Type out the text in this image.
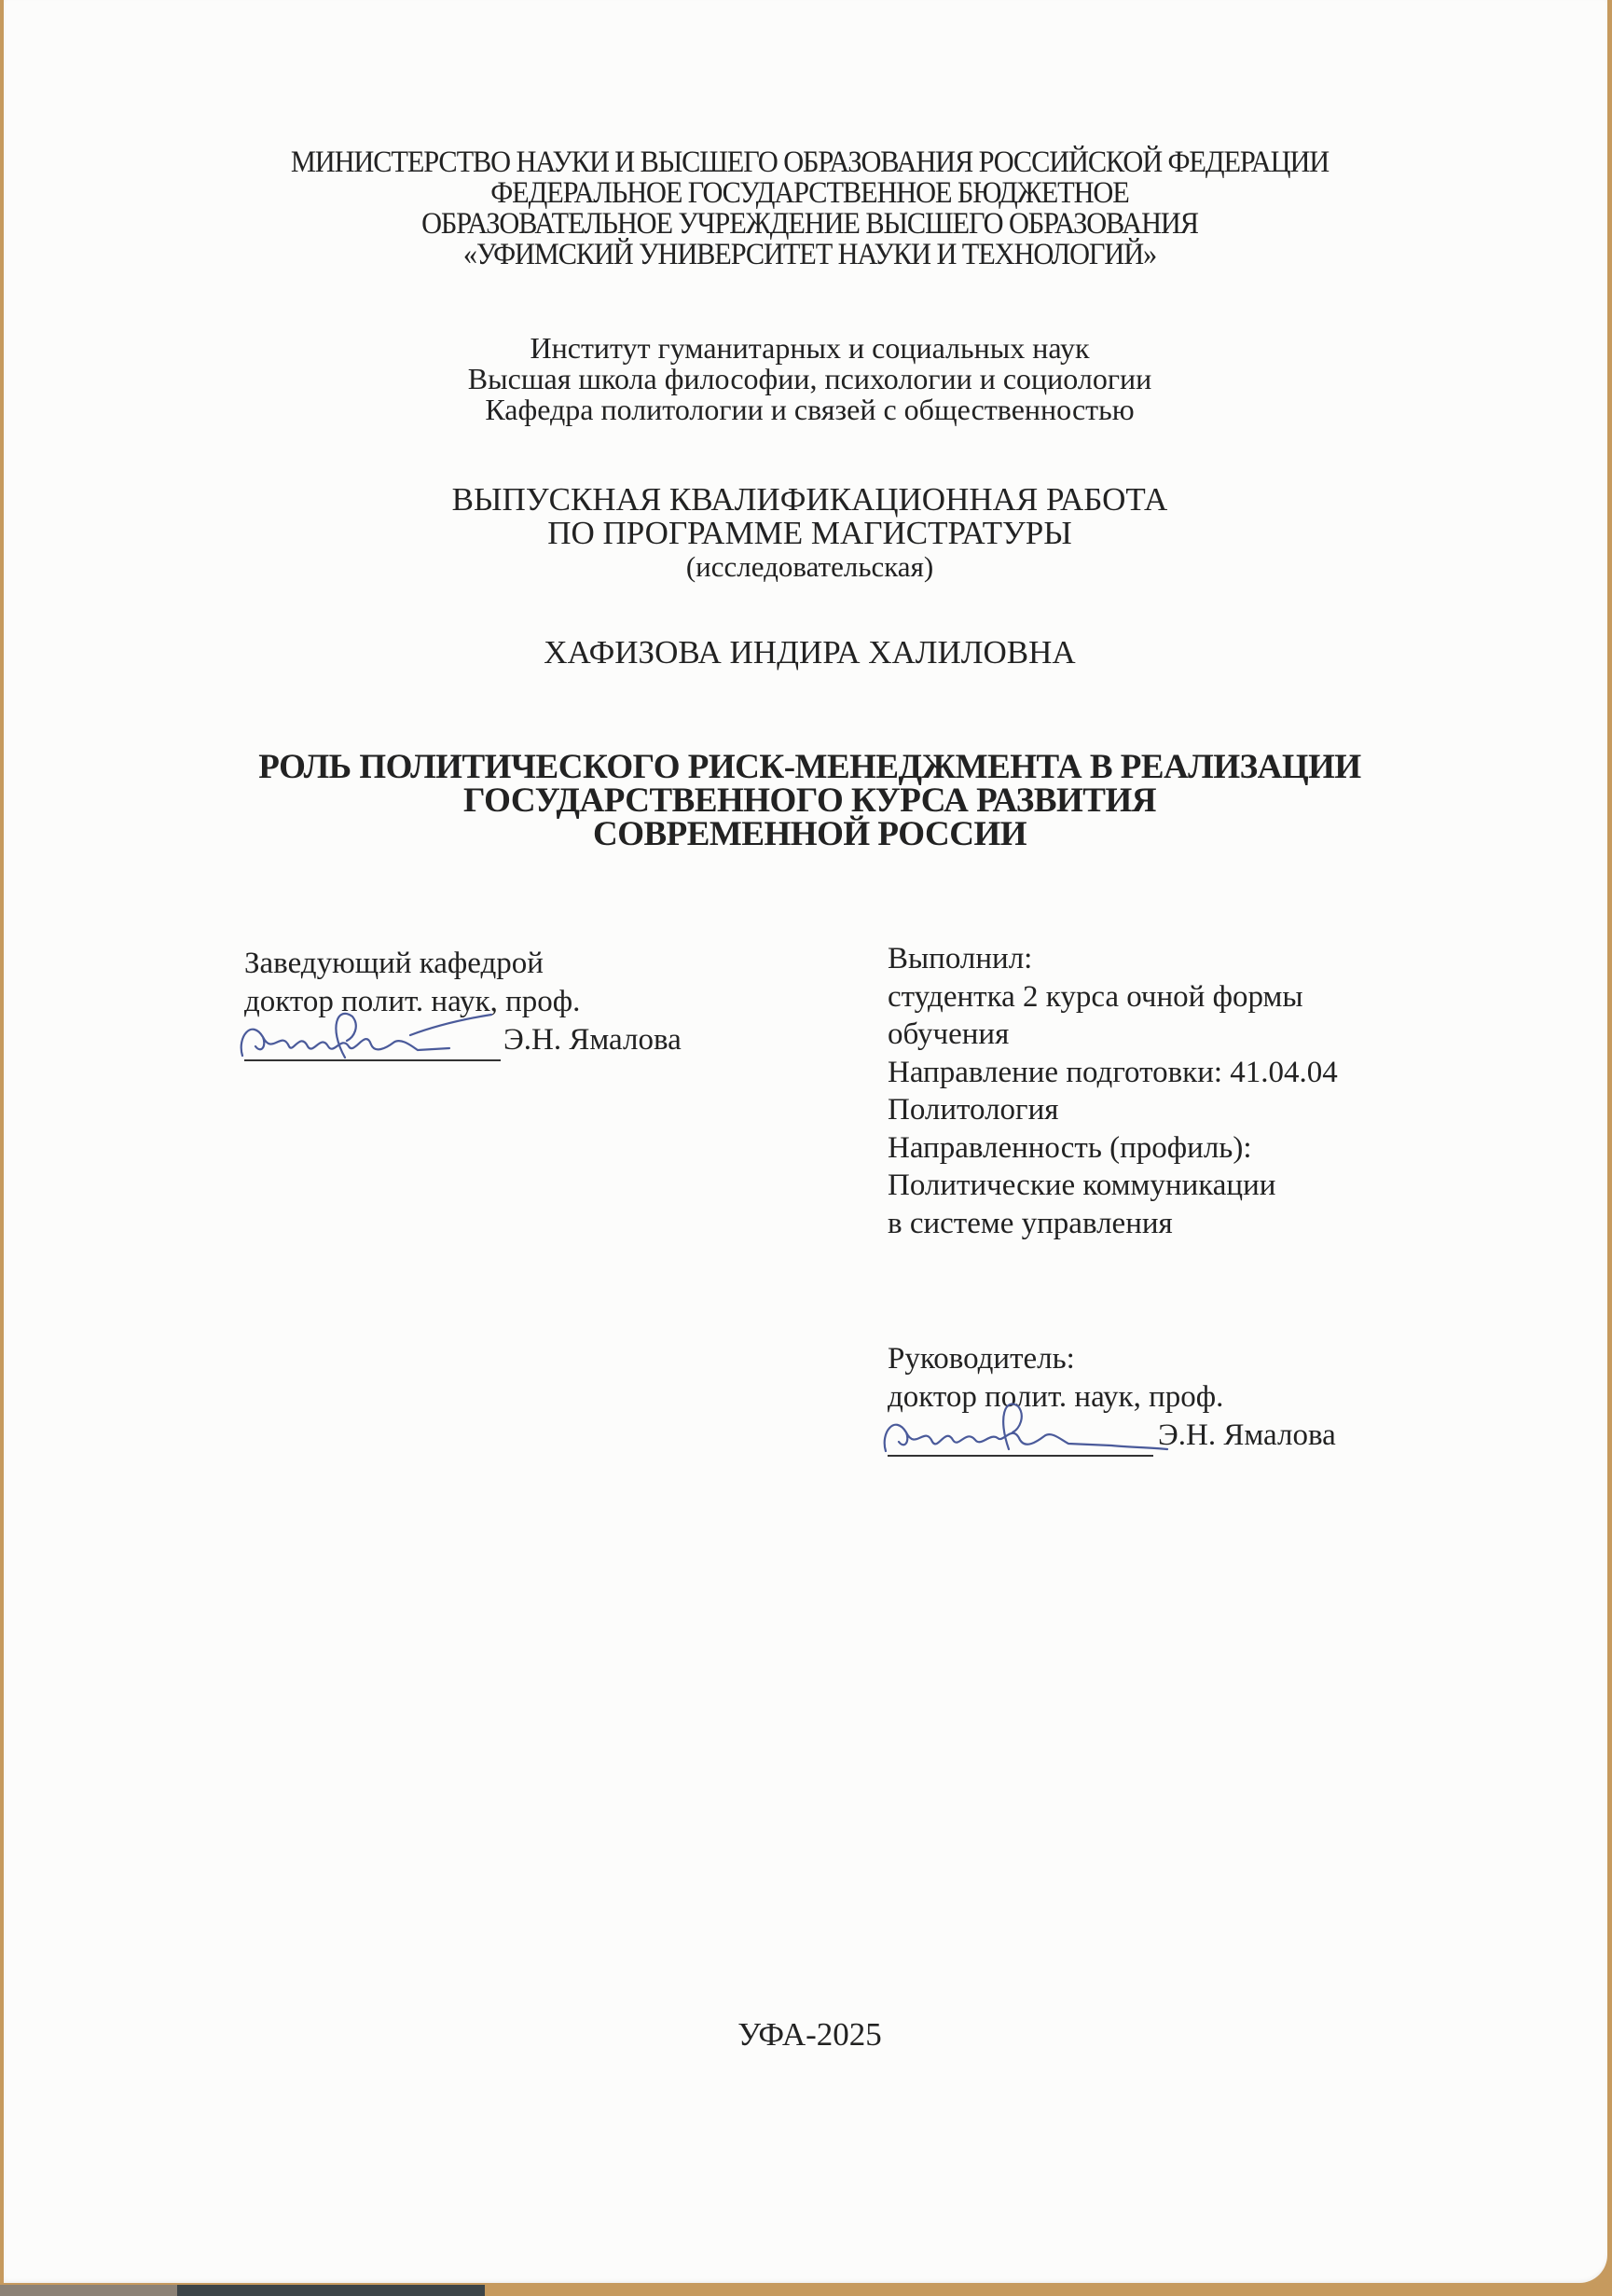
МИНИСТЕРСТВО НАУКИ И ВЫСШЕГО ОБРАЗОВАНИЯ РОССИЙСКОЙ ФЕДЕРАЦИИ
ФЕДЕРАЛЬНОЕ ГОСУДАРСТВЕННОЕ БЮДЖЕТНОЕ
ОБРАЗОВАТЕЛЬНОЕ УЧРЕЖДЕНИЕ ВЫСШЕГО ОБРАЗОВАНИЯ
«УФИМСКИЙ УНИВЕРСИТЕТ НАУКИ И ТЕХНОЛОГИЙ»
Институт гуманитарных и социальных наук
Высшая школа философии, психологии и социологии
Кафедра политологии и связей с общественностью
ВЫПУСКНАЯ КВАЛИФИКАЦИОННАЯ РАБОТА
ПО ПРОГРАММЕ МАГИСТРАТУРЫ
(исследовательская)
ХАФИЗОВА ИНДИРА ХАЛИЛОВНА
РОЛЬ ПОЛИТИЧЕСКОГО РИСК-МЕНЕДЖМЕНТА В РЕАЛИЗАЦИИ
ГОСУДАРСТВЕННОГО КУРСА РАЗВИТИЯ
СОВРЕМЕННОЙ РОССИИ
Заведующий кафедрой
доктор полит. наук, проф.
Э.Н. Ямалова
Выполнил:
студентка 2 курса очной формы
обучения
Направление подготовки: 41.04.04
Политология
Направленность (профиль):
Политические коммуникации
в системе управления
Руководитель:
доктор полит. наук, проф.
Э.Н. Ямалова
УФА-2025
